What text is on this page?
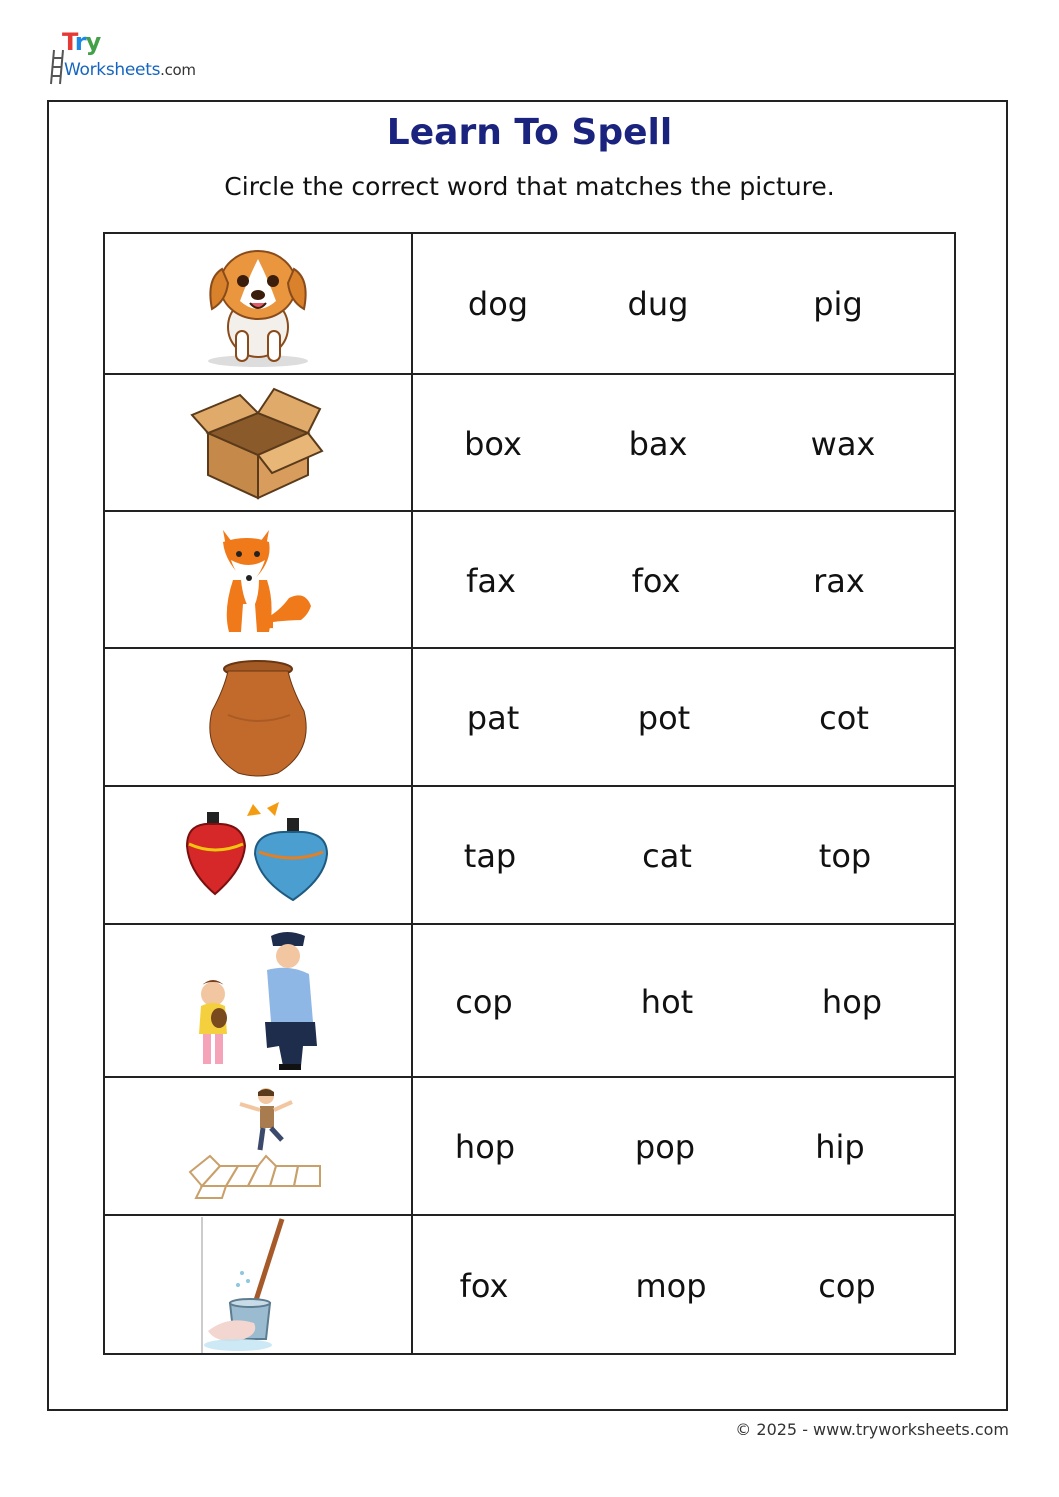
Try
Worksheets.com
Learn To Spell
Circle the correct word that matches the picture.
dog	dug	pig
box	bax	wax
fax	fox	rax
pat	pot	cot
tap	cat	top
cop	hot	hop
hop	pop	hip
fox	mop	cop
© 2025 - www.tryworksheets.com
